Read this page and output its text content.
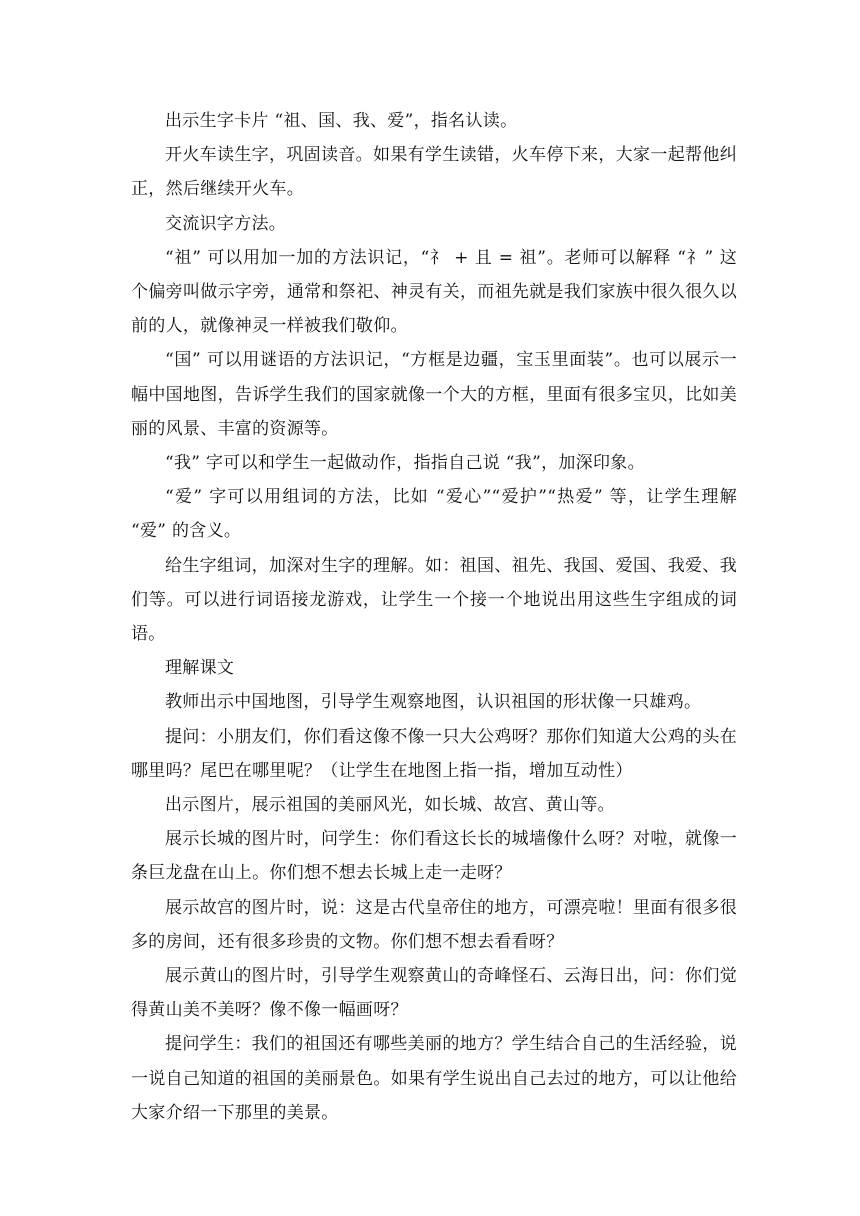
出示生字卡片 “祖、国、我、爱”，指名认读。

开火车读生字，巩固读音。如果有学生读错，火车停下来，大家一起帮他纠正，然后继续开火车。

交流识字方法。

“祖” 可以用加一加的方法识记，“礻 + 且 = 祖”。老师可以解释 “礻” 这个偏旁叫做示字旁，通常和祭祀、神灵有关，而祖先就是我们家族中很久很久以前的人，就像神灵一样被我们敬仰。

“国” 可以用谜语的方法识记，“方框是边疆，宝玉里面装”。也可以展示一幅中国地图，告诉学生我们的国家就像一个大的方框，里面有很多宝贝，比如美丽的风景、丰富的资源等。

“我” 字可以和学生一起做动作，指指自己说 “我”，加深印象。

“爱” 字可以用组词的方法，比如 “爱心”“爱护”“热爱” 等，让学生理解 “爱” 的含义。

给生字组词，加深对生字的理解。如：祖国、祖先、我国、爱国、我爱、我们等。可以进行词语接龙游戏，让学生一个接一个地说出用这些生字组成的词语。

理解课文

教师出示中国地图，引导学生观察地图，认识祖国的形状像一只雄鸡。

提问：小朋友们，你们看这像不像一只大公鸡呀？那你们知道大公鸡的头在哪里吗？尾巴在哪里呢？（让学生在地图上指一指，增加互动性）

出示图片，展示祖国的美丽风光，如长城、故宫、黄山等。

展示长城的图片时，问学生：你们看这长长的城墙像什么呀？对啦，就像一条巨龙盘在山上。你们想不想去长城上走一走呀？

展示故宫的图片时，说：这是古代皇帝住的地方，可漂亮啦！里面有很多很多的房间，还有很多珍贵的文物。你们想不想去看看呀？

展示黄山的图片时，引导学生观察黄山的奇峰怪石、云海日出，问：你们觉得黄山美不美呀？像不像一幅画呀？

提问学生：我们的祖国还有哪些美丽的地方？学生结合自己的生活经验，说一说自己知道的祖国的美丽景色。如果有学生说出自己去过的地方，可以让他给大家介绍一下那里的美景。
